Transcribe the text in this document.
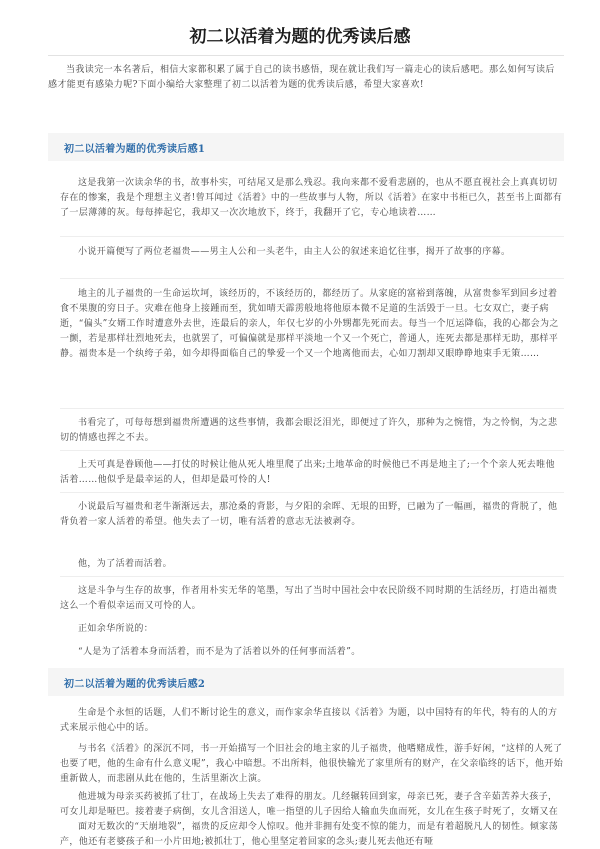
初二以活着为题的优秀读后感

当我读完一本名著后，相信大家都积累了属于自己的读书感悟，现在就让我们写一篇走心的读后感吧。那么如何写读后感才能更有感染力呢?下面小编给大家整理了初二以活着为题的优秀读后感，希望大家喜欢!

初二以活着为题的优秀读后感1

这是我第一次读余华的书，故事朴实，可结尾又是那么残忍。我向来都不爱看悲剧的，也从不愿直视社会上真真切切存在的惨案，我是个理想主义者!曾耳闻过《活着》中的一些故事与人物，所以《活着》在家中书柜已久，甚至书上面都有了一层薄薄的灰。每每捧起它，我却又一次次地放下，终于，我翻开了它，专心地读着……

小说开篇便写了两位老福贵——男主人公和一头老牛，由主人公的叙述来追忆往事，揭开了故事的序幕。

地主的儿子福贵的一生命运坎坷，该经历的，不该经历的，都经历了。从家庭的富裕到落魄，从富贵参军到回乡过着食不果腹的穷日子。灾难在他身上接踵而至，犹如晴天霹雳般地将他原本微不足道的生活毁于一旦。七女双亡，妻子病逝，“偏头”女婿工作时遭意外去世，连最后的亲人，年仅七岁的小外甥都先死而去。每当一个厄运降临，我的心都会为之一颤，若是那样壮烈地死去，也就罢了，可偏偏就是那样平淡地一个又一个死亡，普通人，连死去都是那样无助，那样平静。福贵本是一个纨绔子弟，如今却得面临自己的挚爱一个又一个地离他而去，心如刀割却又眼睁睁地束手无策……

书看完了，可每每想到福贵所遭遇的这些事情，我都会眼泛泪光，即便过了许久，那种为之惋惜，为之怜悯，为之悲切的情感也挥之不去。

上天可真是眷顾他——打仗的时候让他从死人堆里爬了出来;土地革命的时候他已不再是地主了;一个个亲人死去唯他活着……他似乎是最幸运的人，但却是最可怜的人!

小说最后写福贵和老牛渐渐远去，那沧桑的背影，与夕阳的余晖、无垠的田野，已融为了一幅画，福贵的背脱了，他背负着一家人活着的希望。他失去了一切，唯有活着的意志无法被剥夺。

他，为了活着而活着。

这是斗争与生存的故事，作者用朴实无华的笔墨，写出了当时中国社会中农民阶级不同时期的生活经历，打造出福贵这么一个看似幸运而又可怜的人。

正如余华所说的：

“人是为了活着本身而活着，而不是为了活着以外的任何事而活着”。

初二以活着为题的优秀读后感2

生命是个永恒的话题，人们不断讨论生的意义，而作家余华直接以《活着》为题，以中国特有的年代，特有的人的方式来展示他心中的话。

与书名《活着》的深沉不同，书一开始描写一个旧社会的地主家的儿子福贵，他嗜赌成性，游手好闲，“这样的人死了也要了吧，他的生命有什么意义呢”，我心中暗想。不出所料，他很快输光了家里所有的财产，在父亲临终的话下，他开始重新做人，而悲剧从此在他的，生活里渐次上演。

他进城为母亲买药被抓了壮丁，在战场上失去了难得的朋友。几经辗转回到家，母亲已死，妻子含辛茹苦养大孩子，可女儿却是哑巴。接着妻子病倒，女儿含泪送人，唯一指望的儿子因给人输血失血而死，女儿在生孩子时死了，女婿又在

面对无数次的“天崩地裂”，福贵的反应却令人惊叹。他并非拥有处变不惊的能力，而是有着超脱凡人的韧性。倾家荡产，他还有老婆孩子和一小片田地;被抓壮丁，他心里坚定着回家的念头;妻儿死去他还有哑
